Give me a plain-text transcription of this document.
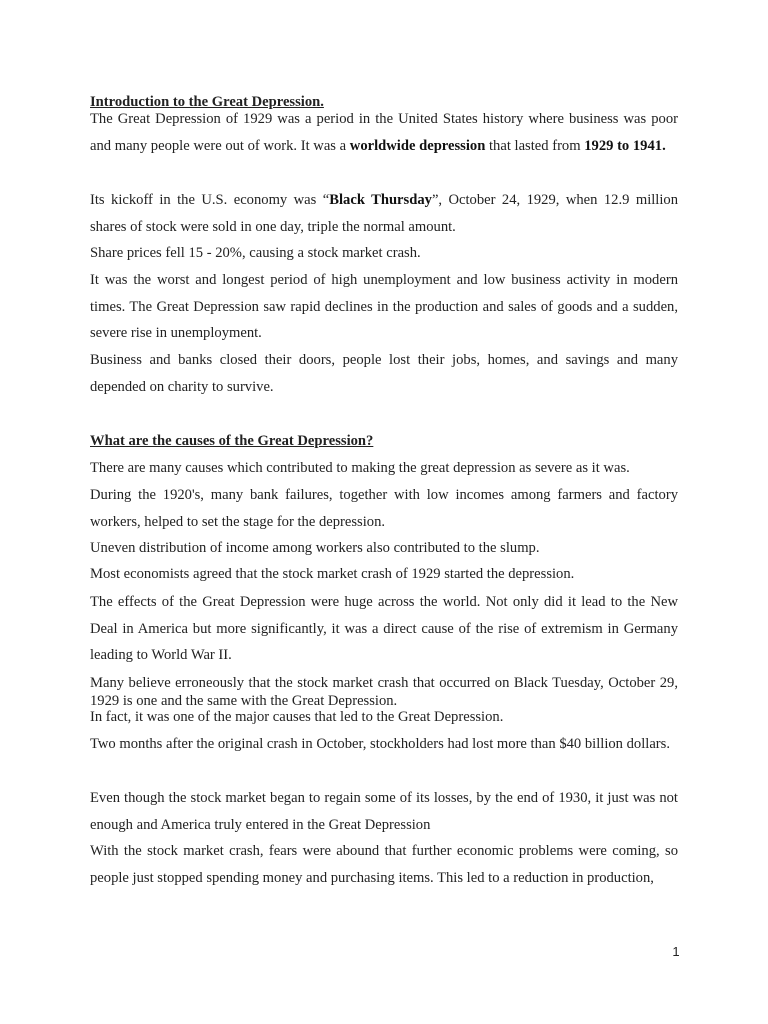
Introduction to the Great Depression.

The Great Depression of 1929 was a period in the United States history where business was poor and many people were out of work. It was a worldwide depression that lasted from 1929 to 1941.

Its kickoff in the U.S. economy was “Black Thursday”, October 24, 1929, when 12.9 million shares of stock were sold in one day, triple the normal amount.

Share prices fell 15 - 20%, causing a stock market crash.

It was the worst and longest period of high unemployment and low business activity in modern times. The Great Depression saw rapid declines in the production and sales of goods and a sudden, severe rise in unemployment.

Business and banks closed their doors, people lost their jobs, homes, and savings and many depended on charity to survive.

What are the causes of the Great Depression?

There are many causes which contributed to making the great depression as severe as it was.

During the 1920's, many bank failures, together with low incomes among farmers and factory workers, helped to set the stage for the depression.

Uneven distribution of income among workers also contributed to the slump.

Most economists agreed that the stock market crash of 1929 started the depression.

The effects of the Great Depression were huge across the world. Not only did it lead to the New Deal in America but more significantly, it was a direct cause of the rise of extremism in Germany leading to World War II.

Many believe erroneously that the stock market crash that occurred on Black Tuesday, October 29, 1929 is one and the same with the Great Depression.

In fact, it was one of the major causes that led to the Great Depression.

Two months after the original crash in October, stockholders had lost more than $40 billion dollars.

Even though the stock market began to regain some of its losses, by the end of 1930, it just was not enough and America truly entered in the Great Depression

With the stock market crash, fears were abound that further economic problems were coming, so people just stopped spending money and purchasing items. This led to a reduction in production,

1
